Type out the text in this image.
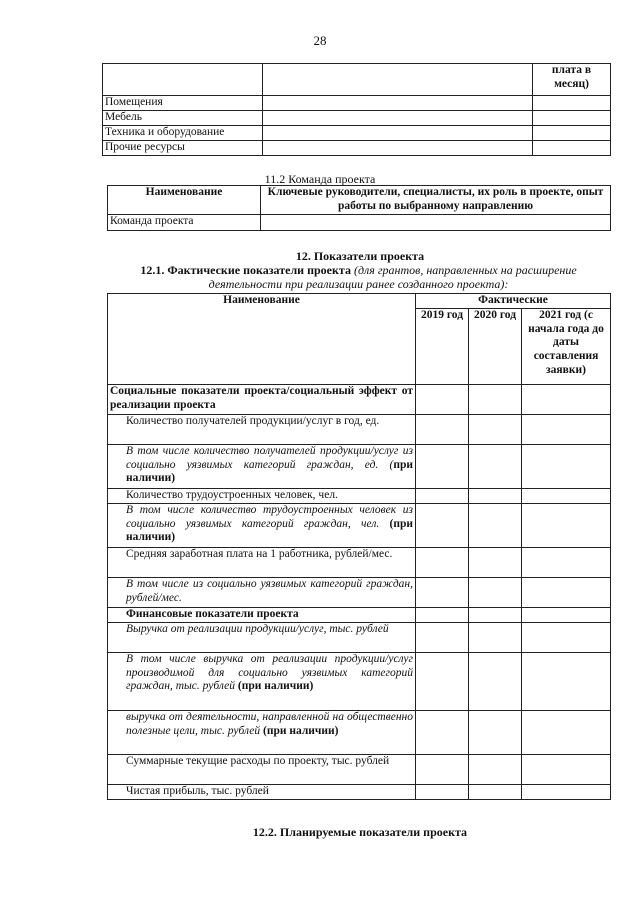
28
		плата в месяц)
Помещения		
Мебель		
Техника и оборудование		
Прочие ресурсы		
11.2 Команда проекта
Наименование	Ключевые руководители, специалисты, их роль в проекте, опыт работы по выбранному направлению
Команда проекта	
12. Показатели проекта
12.1. Фактические показатели проекта (для грантов, направленных на расширение деятельности при реализации ранее созданного проекта):
Наименование	Фактические		
	2019 год	2020 год	2021 год (с начала года до даты составления заявки)
Социальные показатели проекта/социальный эффект от реализации проекта			
Количество получателей продукции/услуг в год, ед.			
В том числе количество получателей продукции/услуг из социально уязвимых категорий граждан, ед. (при наличии)			
Количество трудоустроенных человек, чел.			
В том числе количество трудоустроенных человек из социально уязвимых категорий граждан, чел. (при наличии)			
Средняя заработная плата на 1 работника, рублей/мес.			
В том числе из социально уязвимых категорий граждан, рублей/мес.			
Финансовые показатели проекта			
Выручка от реализации продукции/услуг, тыс. рублей			
В том числе выручка от реализации продукции/услуг производимой для социально уязвимых категорий граждан, тыс. рублей (при наличии)			
выручка от деятельности, направленной на общественно полезные цели, тыс. рублей (при наличии)			
Суммарные текущие расходы по проекту, тыс. рублей			
Чистая прибыль, тыс. рублей			
12.2. Планируемые показатели проекта
